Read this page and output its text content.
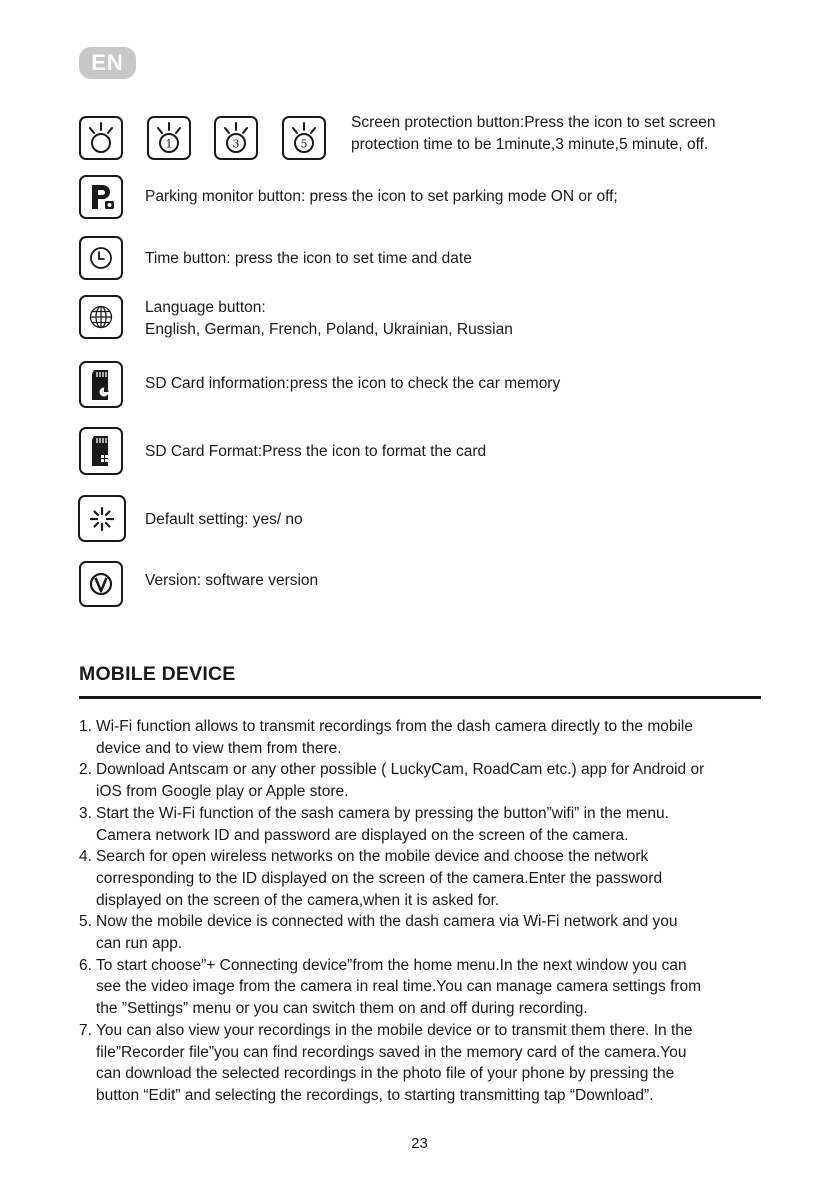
EN
1	3	5
Screen protection button:Press the icon to set screen
protection time to be 1minute,3 minute,5 minute, off.
Parking monitor button: press the icon to set parking mode ON or off;
Time button: press the icon to set time and date
Language button:
English, German, French, Poland, Ukrainian, Russian
SD Card information:press the icon to check the car memory
SD Card Format:Press the icon to format the card
Default setting: yes/ no
Version: software version
MOBILE DEVICE
1. Wi-Fi function allows to transmit recordings from the dash camera directly to the mobile
device and to view them from there.
2. Download Antscam or any other possible ( LuckyCam, RoadCam etc.) app for Android or
iOS from Google play or Apple store.
3. Start the Wi-Fi function of the sash camera by pressing the button”wifi” in the menu.
Camera network ID and password are displayed on the screen of the camera.
4. Search for open wireless networks on the mobile device and choose the network
corresponding to the ID displayed on the screen of the camera.Enter the password
displayed on the screen of the camera,when it is asked for.
5. Now the mobile device is connected with the dash camera via Wi-Fi network and you
can run app.
6. To start choose”+ Connecting device”from the home menu.In the next window you can
see the video image from the camera in real time.You can manage camera settings from
the ”Settings” menu or you can switch them on and off during recording.
7. You can also view your recordings in the mobile device or to transmit them there. In the
file”Recorder file”you can find recordings saved in the memory card of the camera.You
can download the selected recordings in the photo file of your phone by pressing the
button “Edit” and selecting the recordings, to starting transmitting tap “Download”.
23
